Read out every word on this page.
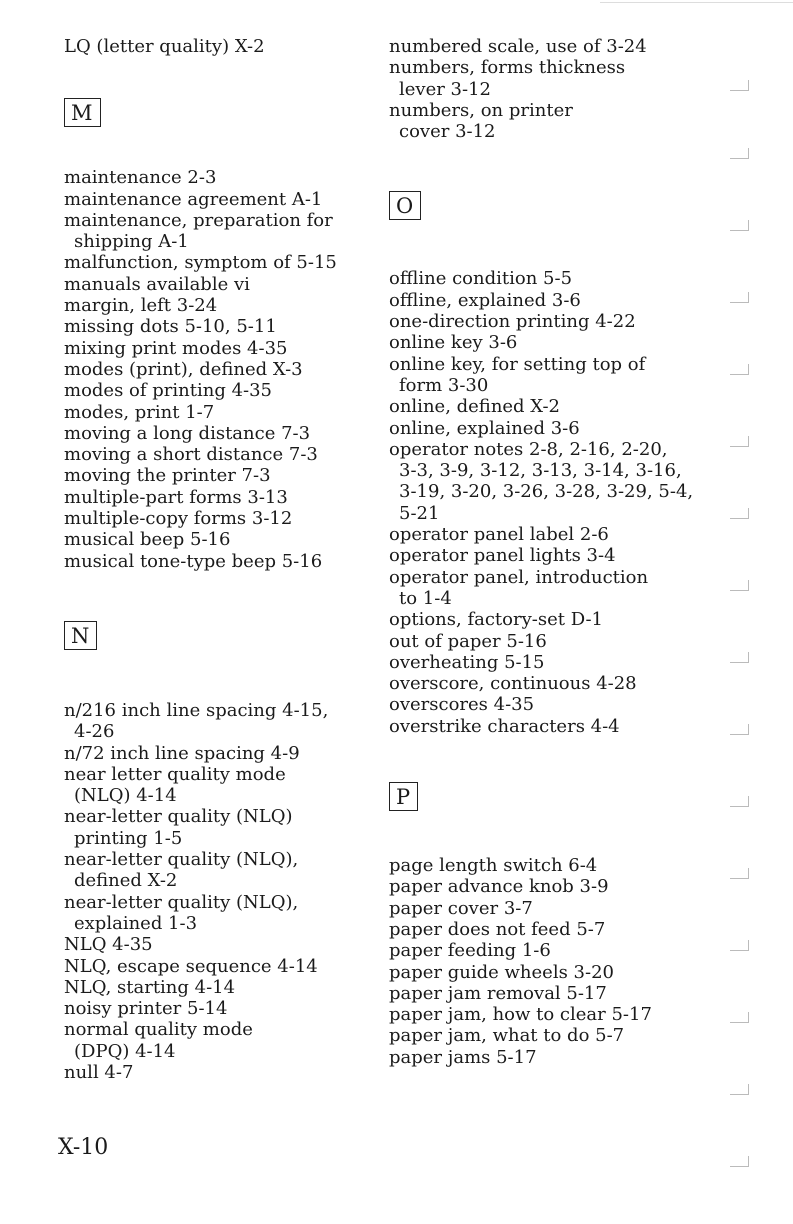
LQ (letter quality) X-2
M
maintenance 2-3
maintenance agreement A-1
maintenance, preparation for
shipping A-1
malfunction, symptom of 5-15
manuals available vi
margin, left 3-24
missing dots 5-10, 5-11
mixing print modes 4-35
modes (print), defined X-3
modes of printing 4-35
modes, print 1-7
moving a long distance 7-3
moving a short distance 7-3
moving the printer 7-3
multiple-part forms 3-13
multiple-copy forms 3-12
musical beep 5-16
musical tone-type beep 5-16
N
n/216 inch line spacing 4-15,
4-26
n/72 inch line spacing 4-9
near letter quality mode
(NLQ) 4-14
near-letter quality (NLQ)
printing 1-5
near-letter quality (NLQ),
defined X-2
near-letter quality (NLQ),
explained 1-3
NLQ 4-35
NLQ, escape sequence 4-14
NLQ, starting 4-14
noisy printer 5-14
normal quality mode
(DPQ) 4-14
null 4-7
numbered scale, use of 3-24
numbers, forms thickness
lever 3-12
numbers, on printer
cover 3-12
O
offline condition 5-5
offline, explained 3-6
one-direction printing 4-22
online key 3-6
online key, for setting top of
form 3-30
online, defined X-2
online, explained 3-6
operator notes 2-8, 2-16, 2-20,
3-3, 3-9, 3-12, 3-13, 3-14, 3-16,
3-19, 3-20, 3-26, 3-28, 3-29, 5-4,
5-21
operator panel label 2-6
operator panel lights 3-4
operator panel, introduction
to 1-4
options, factory-set D-1
out of paper 5-16
overheating 5-15
overscore, continuous 4-28
overscores 4-35
overstrike characters 4-4
P
page length switch 6-4
paper advance knob 3-9
paper cover 3-7
paper does not feed 5-7
paper feeding 1-6
paper guide wheels 3-20
paper jam removal 5-17
paper jam, how to clear 5-17
paper jam, what to do 5-7
paper jams 5-17
X-10
